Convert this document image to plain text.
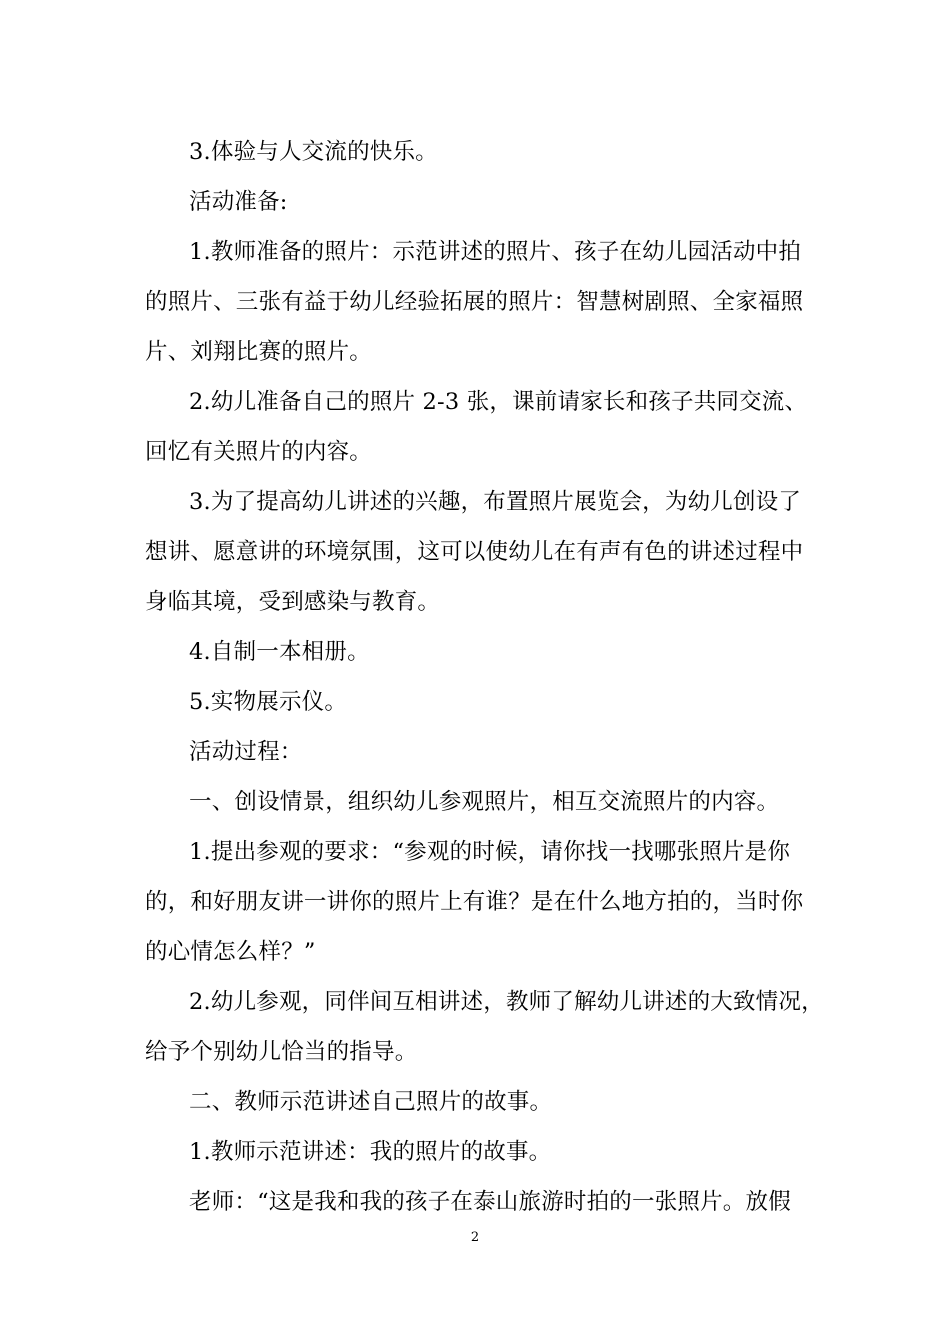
3.体验与人交流的快乐。
活动准备:
1.教师准备的照片：示范讲述的照片、孩子在幼儿园活动中拍
的照片、三张有益于幼儿经验拓展的照片：智慧树剧照、全家福照
片、刘翔比赛的照片。
2.幼儿准备自己的照片 2-3 张，课前请家长和孩子共同交流、
回忆有关照片的内容。
3.为了提高幼儿讲述的兴趣，布置照片展览会，为幼儿创设了
想讲、愿意讲的环境氛围，这可以使幼儿在有声有色的讲述过程中
身临其境，受到感染与教育。
4.自制一本相册。
5.实物展示仪。
活动过程：
一、创设情景，组织幼儿参观照片，相互交流照片的内容。
1.提出参观的要求：“参观的时候，请你找一找哪张照片是你
的，和好朋友讲一讲你的照片上有谁？是在什么地方拍的，当时你
的心情怎么样？”
2.幼儿参观，同伴间互相讲述，教师了解幼儿讲述的大致情况，
给予个别幼儿恰当的指导。
二、教师示范讲述自己照片的故事。
1.教师示范讲述：我的照片的故事。
老师：“这是我和我的孩子在泰山旅游时拍的一张照片。放假
2
